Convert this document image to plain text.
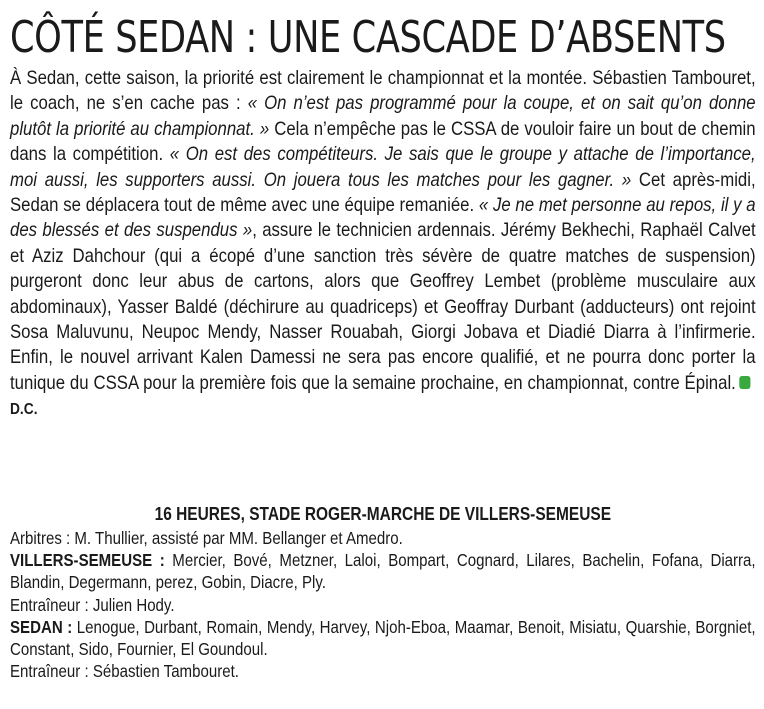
CÔTÉ SEDAN : UNE CASCADE D’ABSENTS

À Sedan, cette saison, la priorité est clairement le championnat et la montée. Sébastien Tambouret, le coach, ne s’en cache pas : « On n’est pas programmé pour la coupe, et on sait qu’on donne plutôt la priorité au championnat. » Cela n’empêche pas le CSSA de vouloir faire un bout de chemin dans la compétition. « On est des compétiteurs. Je sais que le groupe y attache de l’importance, moi aussi, les supporters aussi. On jouera tous les matches pour les gagner. » Cet après-midi, Sedan se déplacera tout de même avec une équipe remaniée. « Je ne met personne au repos, il y a des blessés et des suspendus », assure le technicien ardennais. Jérémy Bekhechi, Raphaël Calvet et Aziz Dahchour (qui a écopé d’une sanction très sévère de quatre matches de suspension) purgeront donc leur abus de cartons, alors que Geoffrey Lembet (problème musculaire aux abdominaux), Yasser Baldé (déchirure au quadriceps) et Geoffray Durbant (adducteurs) ont rejoint Sosa Maluvunu, Neupoc Mendy, Nasser Rouabah, Giorgi Jobava et Diadié Diarra à l’infirmerie. Enfin, le nouvel arrivant Kalen Damessi ne sera pas encore qualifié, et ne pourra donc porter la tunique du CSSA pour la première fois que la semaine prochaine, en championnat, contre Épinal.D.C.

16 HEURES, STADE ROGER-MARCHE DE VILLERS-SEMEUSE

Arbitres : M. Thullier, assisté par MM. Bellanger et Amedro.

VILLERS-SEMEUSE : Mercier, Bové, Metzner, Laloi, Bompart, Cognard, Lilares, Bachelin, Fofana, Diarra, Blandin, Degermann, perez, Gobin, Diacre, Ply.

Entraîneur : Julien Hody.

SEDAN : Lenogue, Durbant, Romain, Mendy, Harvey, Njoh-Eboa, Maamar, Benoit, Misiatu, Quarshie, Borgniet, Constant, Sido, Fournier, El Goundoul.

Entraîneur : Sébastien Tambouret.
